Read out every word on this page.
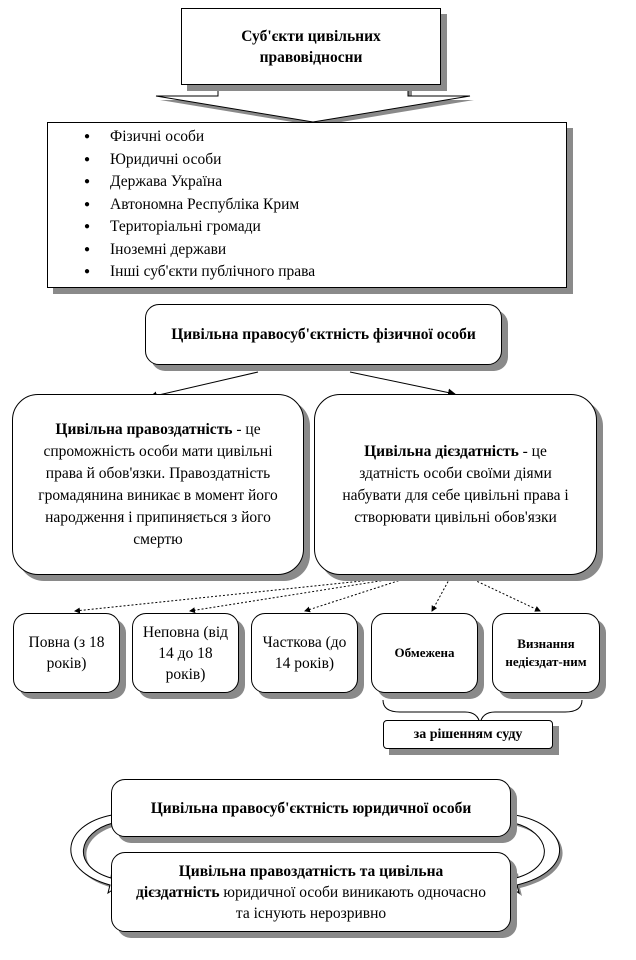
Суб'єкти цивільних правовідносни
● Фізичні особи
● Юридичні особи
● Держава Україна
● Автономна Республіка Крим
● Територіальні громади
● Іноземні держави
● Інші суб'єкти публічного права
Цивільна правосуб'єктність фізичної особи
Цивільна правоздатність - це спроможність особи мати цивільні права й обов'язки. Правоздатність громадянина виникає в момент його народження і припиняється з його смертю
Цивільна дієздатність - це здатність особи своїми діями набувати для себе цивільні права і створювати цивільні обов'язки
Повна (з 18 років)
Неповна (від 14 до 18 років)
Часткова (до 14 років)
Обмежена
Визнання недієздат-ним
за рішенням суду
Цивільна правосуб'єктність юридичної особи
Цивільна правоздатність та цивільна дієздатність юридичної особи виникають одночасно та існують нерозривно
